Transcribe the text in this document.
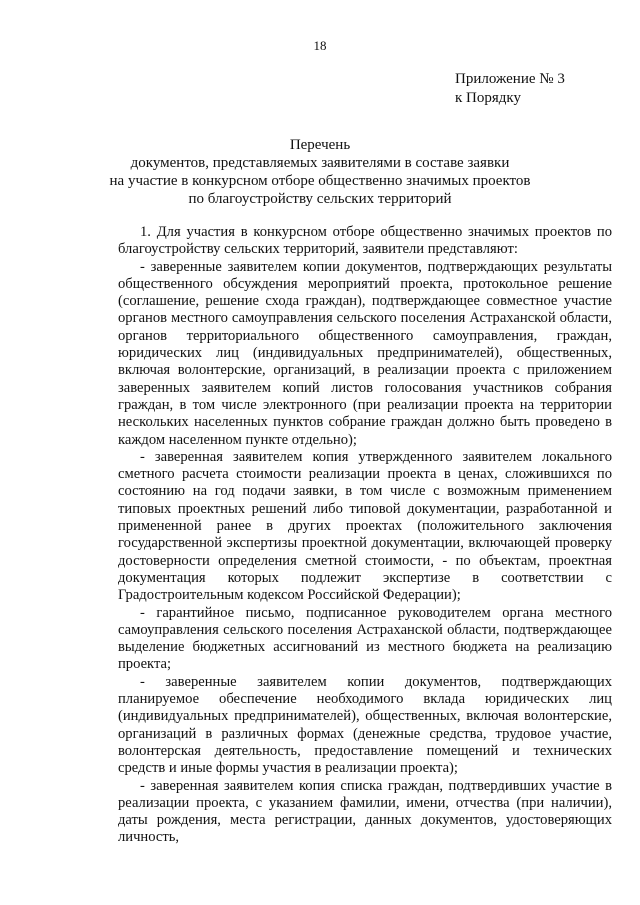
18
Приложение № 3
к Порядку
Перечень
документов, представляемых заявителями в составе заявки
на участие в конкурсном отборе общественно значимых проектов
по благоустройству сельских территорий

1. Для участия в конкурсном отборе общественно значимых проектов по благоустройству сельских территорий, заявители представляют:

- заверенные заявителем копии документов, подтверждающих результаты общественного обсуждения мероприятий проекта, протокольное решение (соглашение, решение схода граждан), подтверждающее совместное участие органов местного самоуправления сельского поселения Астраханской области, органов территориального общественного самоуправления, граждан, юридических лиц (индивидуальных предпринимателей), общественных, включая волонтерские, организаций, в реализации проекта с приложением заверенных заявителем копий листов голосования участников собрания граждан, в том числе электронного (при реализации проекта на территории нескольких населенных пунктов собрание граждан должно быть проведено в каждом населенном пункте отдельно);

- заверенная заявителем копия утвержденного заявителем локального сметного расчета стоимости реализации проекта в ценах, сложившихся по состоянию на год подачи заявки, в том числе с возможным применением типовых проектных решений либо типовой документации, разработанной и примененной ранее в других проектах (положительного заключения государственной экспертизы проектной документации, включающей проверку достоверности определения сметной стоимости, - по объектам, проектная документация которых подлежит экспертизе в соответствии с Градостроительным кодексом Российской Федерации);

- гарантийное письмо, подписанное руководителем органа местного самоуправления сельского поселения Астраханской области, подтверждающее выделение бюджетных ассигнований из местного бюджета на реализацию проекта;

- заверенные заявителем копии документов, подтверждающих планируемое обеспечение необходимого вклада юридических лиц (индивидуальных предпринимателей), общественных, включая волонтерские, организаций в различных формах (денежные средства, трудовое участие, волонтерская деятельность, предоставление помещений и технических средств и иные формы участия в реализации проекта);

- заверенная заявителем копия списка граждан, подтвердивших участие в реализации проекта, с указанием фамилии, имени, отчества (при наличии), даты рождения, места регистрации, данных документов, удостоверяющих личность,
